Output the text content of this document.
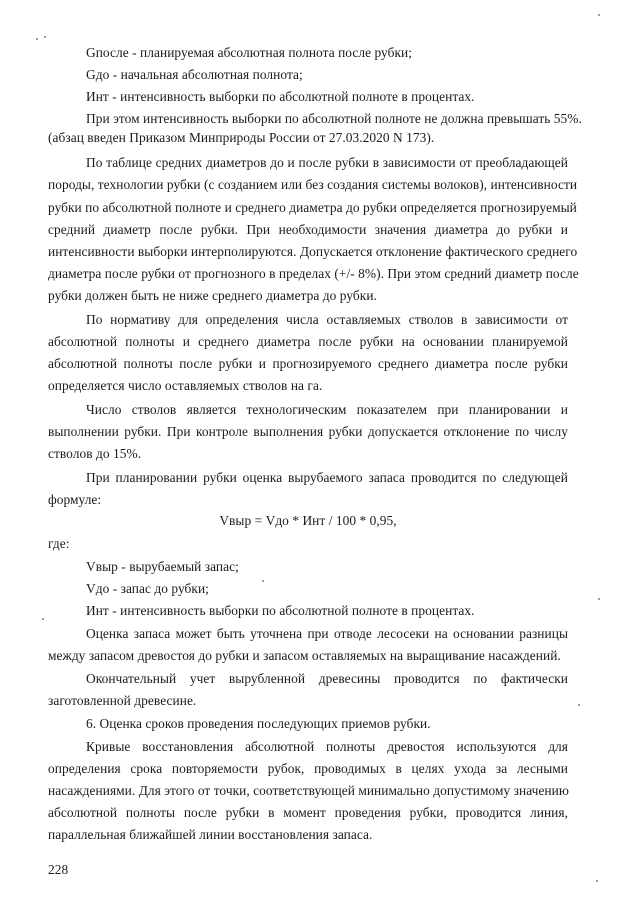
Gпосле - планируемая абсолютная полнота после рубки;

Gдо - начальная абсолютная полнота;

Инт - интенсивность выборки по абсолютной полноте в процентах.

При этом интенсивность выборки по абсолютной полноте не должна превышать 55%.

(абзац введен Приказом Минприроды России от 27.03.2020 N 173).

По таблице средних диаметров до и после рубки в зависимости от преобладающей

породы, технологии рубки (с созданием или без создания системы волоков), интенсивности

рубки по абсолютной полноте и среднего диаметра до рубки определяется прогнозируемый

средний диаметр после рубки. При необходимости значения диаметра до рубки и

интенсивности выборки интерполируются. Допускается отклонение фактического среднего

диаметра после рубки от прогнозного в пределах (+/- 8%). При этом средний диаметр после

рубки должен быть не ниже среднего диаметра до рубки.

По нормативу для определения числа оставляемых стволов в зависимости от

абсолютной полноты и среднего диаметра после рубки на основании планируемой

абсолютной полноты после рубки и прогнозируемого среднего диаметра после рубки

определяется число оставляемых стволов на га.

Число стволов является технологическим показателем при планировании и

выполнении рубки. При контроле выполнения рубки допускается отклонение по числу

стволов до 15%.

При планировании рубки оценка вырубаемого запаса проводится по следующей

формуле:

Vвыр = Vдо * Инт / 100 * 0,95,

где:

Vвыр - вырубаемый запас;

Vдо - запас до рубки;

Инт - интенсивность выборки по абсолютной полноте в процентах.

Оценка запаса может быть уточнена при отводе лесосеки на основании разницы

между запасом древостоя до рубки и запасом оставляемых на выращивание насаждений.

Окончательный учет вырубленной древесины проводится по фактически

заготовленной древесине.

6. Оценка сроков проведения последующих приемов рубки.

Кривые восстановления абсолютной полноты древостоя используются для

определения срока повторяемости рубок, проводимых в целях ухода за лесными

насаждениями. Для этого от точки, соответствующей минимально допустимому значению

абсолютной полноты после рубки в момент проведения рубки, проводится линия,

параллельная ближайшей линии восстановления запаса.

228
